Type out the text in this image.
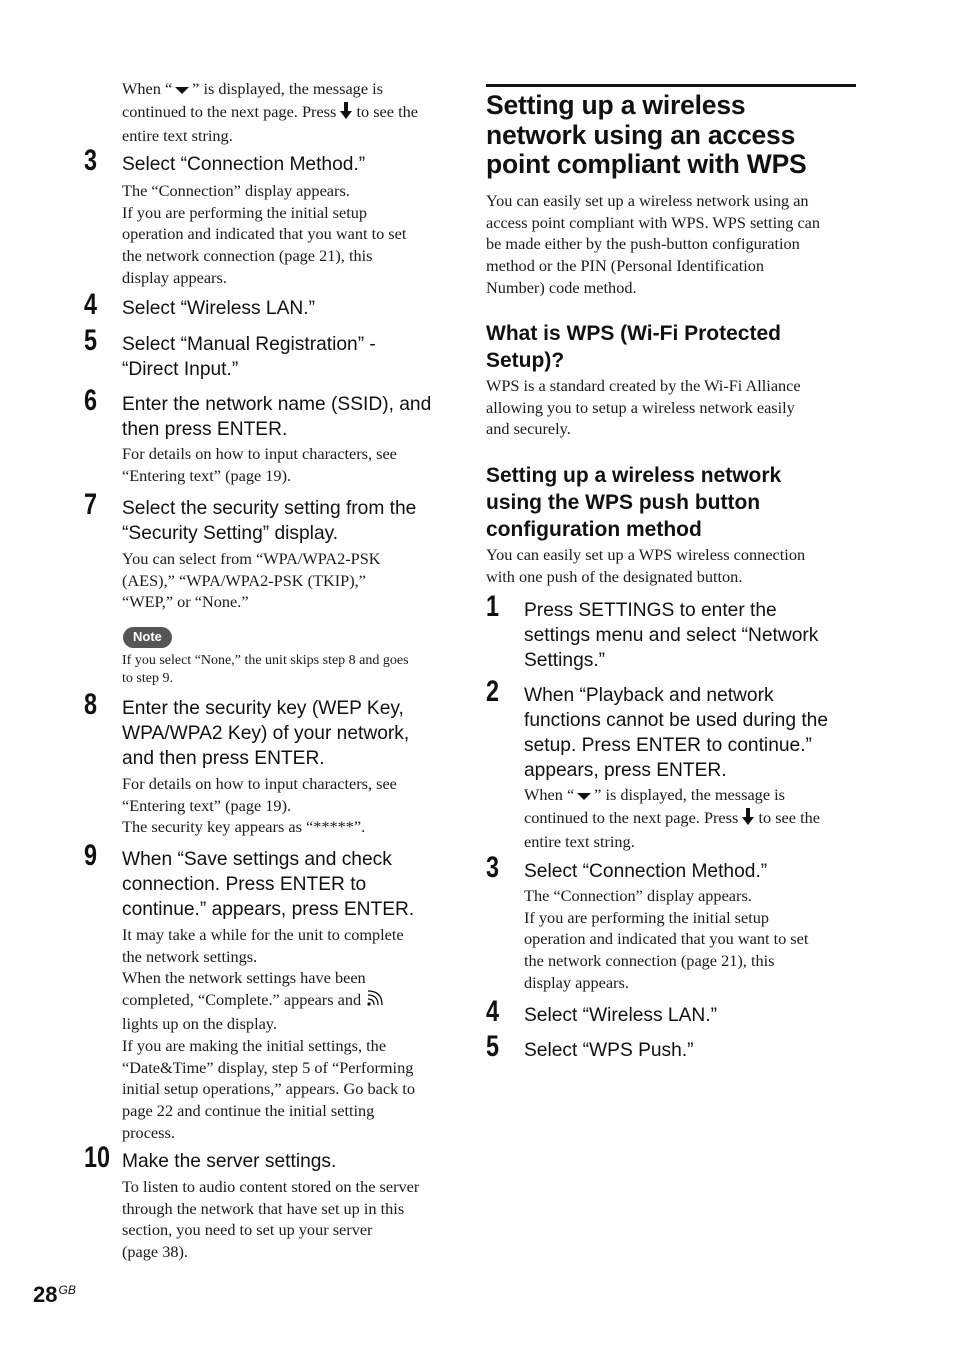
When “ ” is displayed, the message is
continued to the next page. Press to see the
entire text string.
3 Select “Connection Method.”
The “Connection” display appears.
If you are performing the initial setup
operation and indicated that you want to set
the network connection (page 21), this
display appears.
4 Select “Wireless LAN.”
5 Select “Manual Registration” -
“Direct Input.”
6 Enter the network name (SSID), and
then press ENTER.
For details on how to input characters, see
“Entering text” (page 19).
7 Select the security setting from the
“Security Setting” display.
You can select from “WPA/WPA2-PSK
(AES),” “WPA/WPA2-PSK (TKIP),”
“WEP,” or “None.”
Note
If you select “None,” the unit skips step 8 and goes
to step 9.
8 Enter the security key (WEP Key,
WPA/WPA2 Key) of your network,
and then press ENTER.
For details on how to input characters, see
“Entering text” (page 19).
The security key appears as “*****”.
9 When “Save settings and check
connection. Press ENTER to
continue.” appears, press ENTER.
It may take a while for the unit to complete
the network settings.
When the network settings have been
completed, “Complete.” appears and
lights up on the display.
If you are making the initial settings, the
“Date&Time” display, step 5 of “Performing
initial setup operations,” appears. Go back to
page 22 and continue the initial setting
process.
10 Make the server settings.
To listen to audio content stored on the server
through the network that have set up in this
section, you need to set up your server
(page 38).
Setting up a wireless
network using an access
point compliant with WPS
You can easily set up a wireless network using an
access point compliant with WPS. WPS setting can
be made either by the push-button configuration
method or the PIN (Personal Identification
Number) code method.
What is WPS (Wi-Fi Protected
Setup)?
WPS is a standard created by the Wi-Fi Alliance
allowing you to setup a wireless network easily
and securely.
Setting up a wireless network
using the WPS push button
configuration method
You can easily set up a WPS wireless connection
with one push of the designated button.
1 Press SETTINGS to enter the
settings menu and select “Network
Settings.”
2 When “Playback and network
functions cannot be used during the
setup. Press ENTER to continue.”
appears, press ENTER.
When “ ” is displayed, the message is
continued to the next page. Press to see the
entire text string.
3 Select “Connection Method.”
The “Connection” display appears.
If you are performing the initial setup
operation and indicated that you want to set
the network connection (page 21), this
display appears.
4 Select “Wireless LAN.”
5 Select “WPS Push.”
$28^{GB}$
